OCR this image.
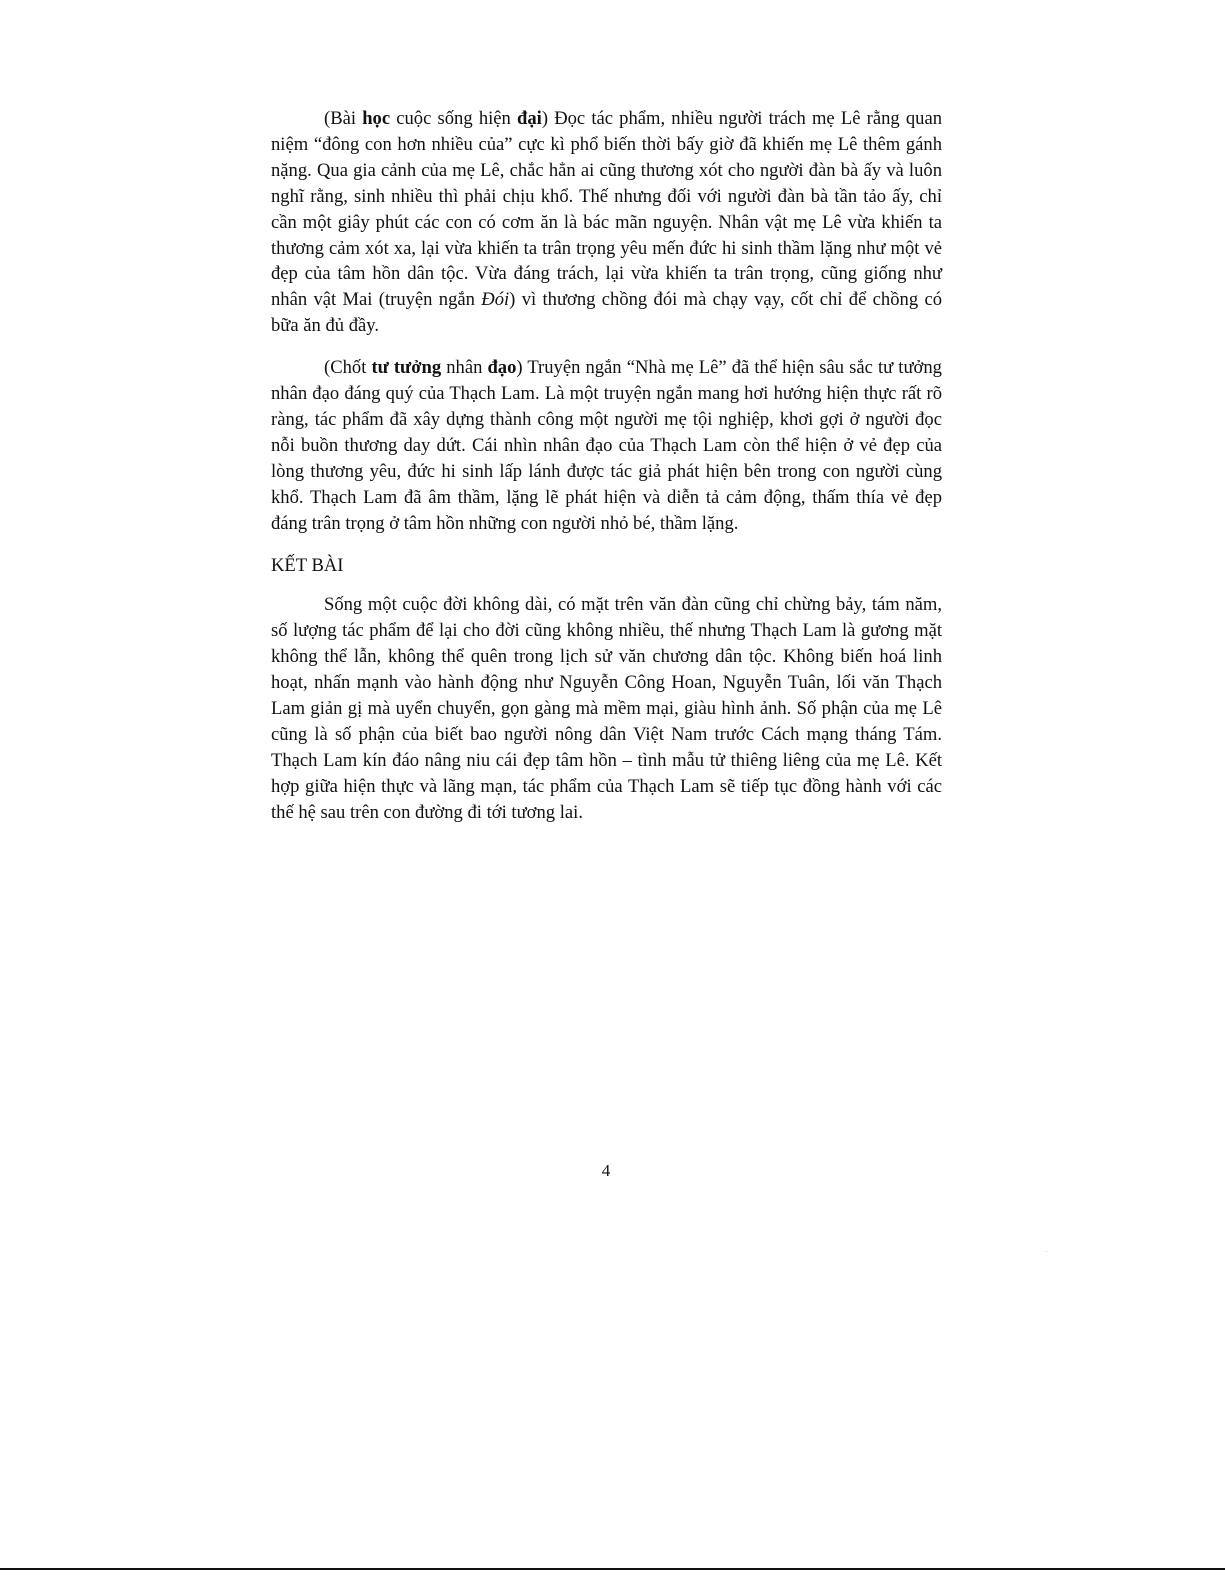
(Bài học cuộc sống hiện đại) Đọc tác phẩm, nhiều người trách mẹ Lê rằng quan niệm “đông con hơn nhiều của” cực kì phổ biến thời bấy giờ đã khiến mẹ Lê thêm gánh nặng. Qua gia cảnh của mẹ Lê, chắc hẳn ai cũng thương xót cho người đàn bà ấy và luôn nghĩ rằng, sinh nhiều thì phải chịu khổ. Thế nhưng đối với người đàn bà tần tảo ấy, chỉ cần một giây phút các con có cơm ăn là bác mãn nguyện. Nhân vật mẹ Lê vừa khiến ta thương cảm xót xa, lại vừa khiến ta trân trọng yêu mến đức hi sinh thầm lặng như một vẻ đẹp của tâm hồn dân tộc. Vừa đáng trách, lại vừa khiến ta trân trọng, cũng giống như nhân vật Mai (truyện ngắn Đói) vì thương chồng đói mà chạy vạy, cốt chỉ để chồng có bữa ăn đủ đầy.

(Chốt tư tưởng nhân đạo) Truyện ngắn “Nhà mẹ Lê” đã thể hiện sâu sắc tư tưởng nhân đạo đáng quý của Thạch Lam. Là một truyện ngắn mang hơi hướng hiện thực rất rõ ràng, tác phẩm đã xây dựng thành công một người mẹ tội nghiệp, khơi gợi ở người đọc nỗi buồn thương day dứt. Cái nhìn nhân đạo của Thạch Lam còn thể hiện ở vẻ đẹp của lòng thương yêu, đức hi sinh lấp lánh được tác giả phát hiện bên trong con người cùng khổ. Thạch Lam đã âm thầm, lặng lẽ phát hiện và diễn tả cảm động, thấm thía vẻ đẹp đáng trân trọng ở tâm hồn những con người nhỏ bé, thầm lặng.

KẾT BÀI

Sống một cuộc đời không dài, có mặt trên văn đàn cũng chỉ chừng bảy, tám năm, số lượng tác phẩm để lại cho đời cũng không nhiều, thế nhưng Thạch Lam là gương mặt không thể lẫn, không thể quên trong lịch sử văn chương dân tộc. Không biến hoá linh hoạt, nhấn mạnh vào hành động như Nguyễn Công Hoan, Nguyễn Tuân, lối văn Thạch Lam giản gị mà uyển chuyển, gọn gàng mà mềm mại, giàu hình ảnh. Số phận của mẹ Lê cũng là số phận của biết bao người nông dân Việt Nam trước Cách mạng tháng Tám. Thạch Lam kín đáo nâng niu cái đẹp tâm hồn – tình mẫu tử thiêng liêng của mẹ Lê. Kết hợp giữa hiện thực và lãng mạn, tác phẩm của Thạch Lam sẽ tiếp tục đồng hành với các thế hệ sau trên con đường đi tới tương lai.

4
